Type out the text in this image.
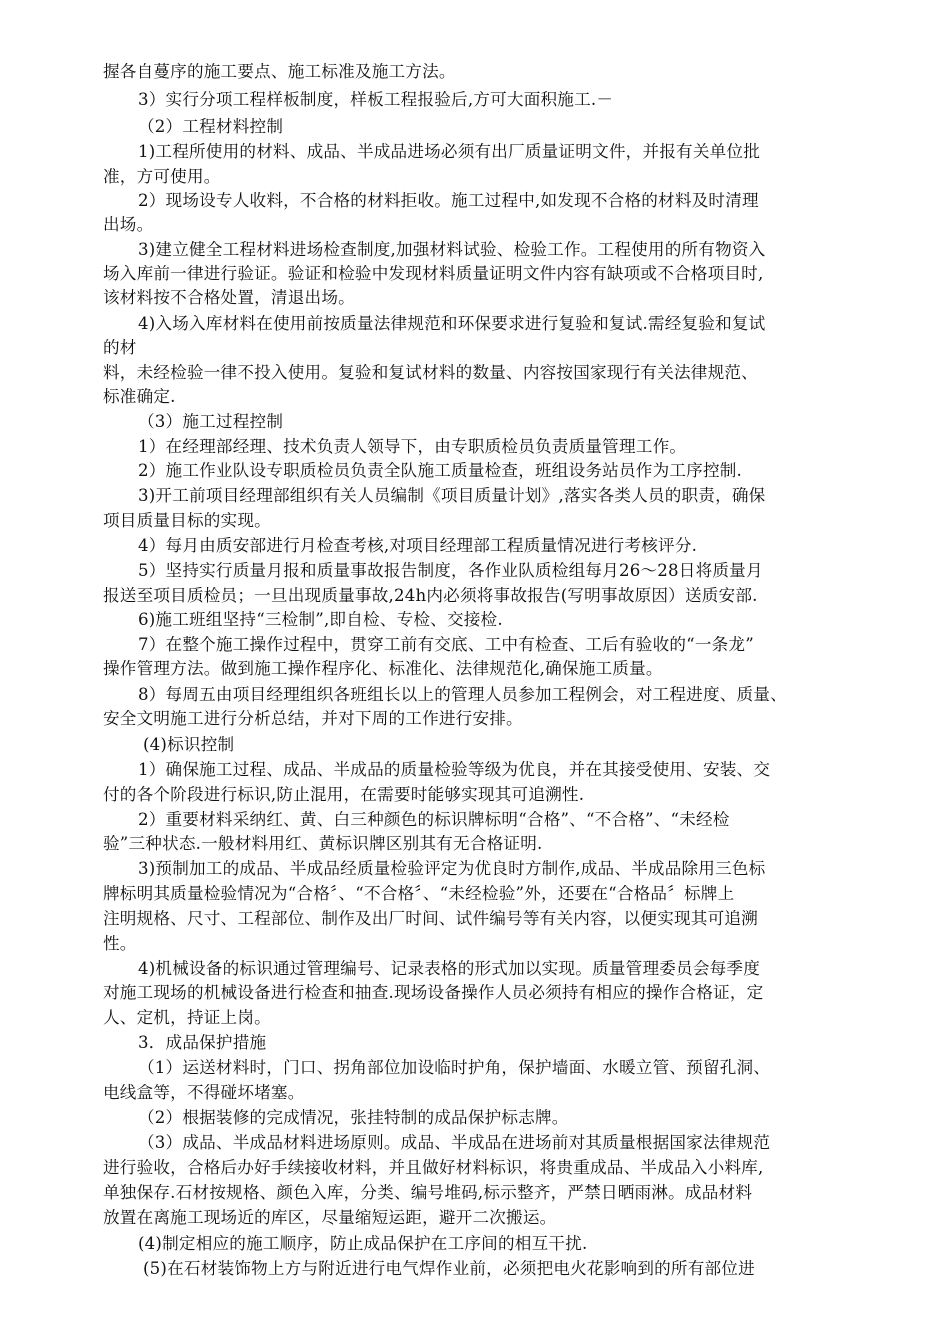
握各自蔓序的施工要点、施工标准及施工方法。
3）实行分项工程样板制度，样板工程报验后,方可大面积施工.－
（2）工程材料控制
1)工程所使用的材料、成品、半成品进场必须有出厂质量证明文件，并报有关单位批
准，方可使用。
2）现场设专人收料，不合格的材料拒收。施工过程中,如发现不合格的材料及时清理
出场。
3)建立健全工程材料进场检查制度,加强材料试验、检验工作。工程使用的所有物资入
场入库前一律进行验证。验证和检验中发现材料质量证明文件内容有缺项或不合格项目时,
该材料按不合格处置，清退出场。
4)入场入库材料在使用前按质量法律规范和环保要求进行复验和复试.需经复验和复试
的材
料，未经检验一律不投入使用。复验和复试材料的数量、内容按国家现行有关法律规范、
标准确定.
（3）施工过程控制
1）在经理部经理、技术负责人领导下，由专职质检员负责质量管理工作。
2）施工作业队设专职质检员负责全队施工质量检查，班组设务站员作为工序控制.
3)开工前项目经理部组织有关人员编制《项目质量计划》,落实各类人员的职责，确保
项目质量目标的实现。
4）每月由质安部进行月检查考核,对项目经理部工程质量情况进行考核评分.
5）坚持实行质量月报和质量事故报告制度，各作业队质检组每月26～28日将质量月
报送至项目质检员；一旦出现质量事故,24h内必须将事故报告(写明事故原因）送质安部.
6)施工班组坚持“三检制”,即自检、专检、交接检.
7）在整个施工操作过程中，贯穿工前有交底、工中有检查、工后有验收的“一条龙”
操作管理方法。做到施工操作程序化、标准化、法律规范化,确保施工质量。
8）每周五由项目经理组织各班组长以上的管理人员参加工程例会，对工程进度、质量、
安全文明施工进行分析总结，并对下周的工作进行安排。
(4)标识控制
1）确保施工过程、成品、半成品的质量检验等级为优良，并在其接受使用、安装、交
付的各个阶段进行标识,防止混用，在需要时能够实现其可追溯性.
2）重要材料采纳红、黄、白三种颜色的标识牌标明“合格”、“不合格”、“未经检
验”三种状态.一般材料用红、黄标识牌区别其有无合格证明.
3)预制加工的成品、半成品经质量检验评定为优良时方制作,成品、半成品除用三色标
牌标明其质量检验情况为“合格〞、“不合格〞、“未经检验”外，还要在“合格品〞标牌上
注明规格、尺寸、工程部位、制作及出厂时间、试件编号等有关内容，以便实现其可追溯
性。
4)机械设备的标识通过管理编号、记录表格的形式加以实现。质量管理委员会每季度
对施工现场的机械设备进行检查和抽查.现场设备操作人员必须持有相应的操作合格证，定
人、定机，持证上岗。
3．成品保护措施
（1）运送材料时，门口、拐角部位加设临时护角，保护墙面、水暖立管、预留孔洞、
电线盒等，不得碰坏堵塞。
（2）根据装修的完成情况，张挂特制的成品保护标志牌。
（3）成品、半成品材料进场原则。成品、半成品在进场前对其质量根据国家法律规范
进行验收，合格后办好手续接收材料，并且做好材料标识，将贵重成品、半成品入小料库,
单独保存.石材按规格、颜色入库，分类、编号堆码,标示整齐，严禁日晒雨淋。成品材料
放置在离施工现场近的库区，尽量缩短运距，避开二次搬运。
(4)制定相应的施工顺序，防止成品保护在工序间的相互干扰.
(5)在石材装饰物上方与附近进行电气焊作业前，必须把电火花影响到的所有部位进
